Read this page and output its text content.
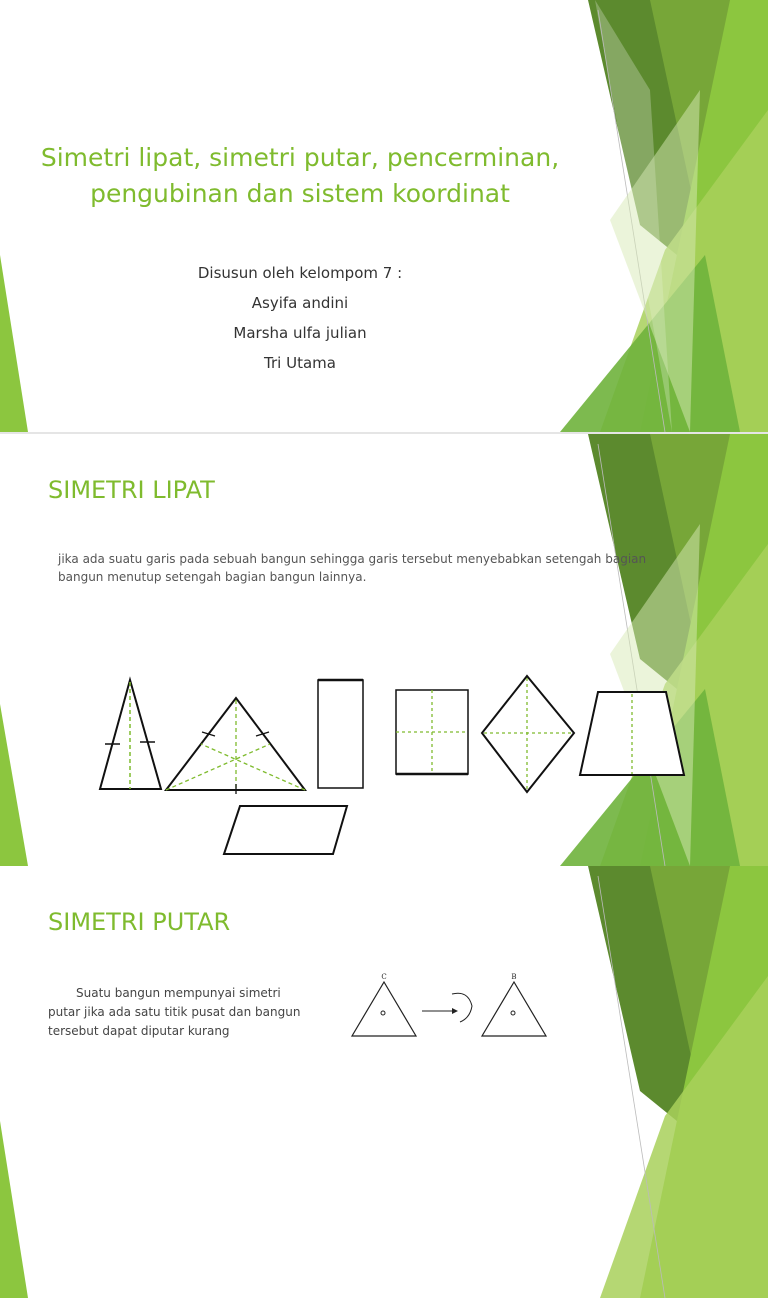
Simetri lipat, simetri putar, pencerminan, pengubinan dan sistem koordinat
Disusun oleh kelompom 7 :
Asyifa andini
Marsha ulfa julian
Tri Utama
SIMETRI LIPAT
jika ada suatu garis pada sebuah bangun sehingga garis tersebut menyebabkan setengah bagian bangun menutup setengah bagian bangun lainnya.
SIMETRI PUTAR
Suatu bangun mempunyai simetri putar jika ada satu titik pusat dan bangun tersebut dapat diputar kurang
C	B
